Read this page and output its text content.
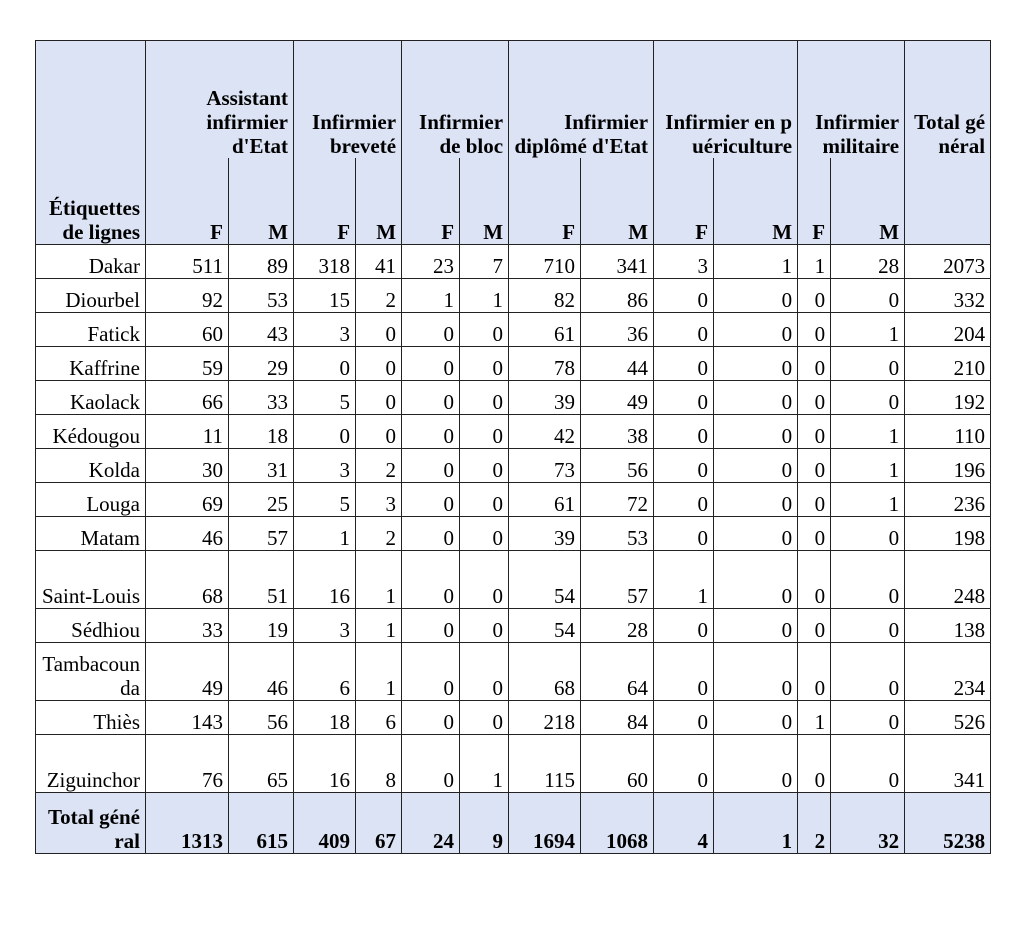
	Assistant infirmier d'Etat		Infirmier breveté		Infirmier de bloc		Infirmier diplômé d'Etat		Infirmier en puériculture		Infirmier militaire		Total général
Étiquettes de lignes	F	M	F	M	F	M	F	M	F	M	F	M	
Dakar	511	89	318	41	23	7	710	341	3	1	1	28	2073
Diourbel	92	53	15	2	1	1	82	86	0	0	0	0	332
Fatick	60	43	3	0	0	0	61	36	0	0	0	1	204
Kaffrine	59	29	0	0	0	0	78	44	0	0	0	0	210
Kaolack	66	33	5	0	0	0	39	49	0	0	0	0	192
Kédougou	11	18	0	0	0	0	42	38	0	0	0	1	110
Kolda	30	31	3	2	0	0	73	56	0	0	0	1	196
Louga	69	25	5	3	0	0	61	72	0	0	0	1	236
Matam	46	57	1	2	0	0	39	53	0	0	0	0	198
Saint-Louis	68	51	16	1	0	0	54	57	1	0	0	0	248
Sédhiou	33	19	3	1	0	0	54	28	0	0	0	0	138
Tambacounda	49	46	6	1	0	0	68	64	0	0	0	0	234
Thiès	143	56	18	6	0	0	218	84	0	0	1	0	526
Ziguinchor	76	65	16	8	0	1	115	60	0	0	0	0	341
Total général	1313	615	409	67	24	9	1694	1068	4	1	2	32	5238
